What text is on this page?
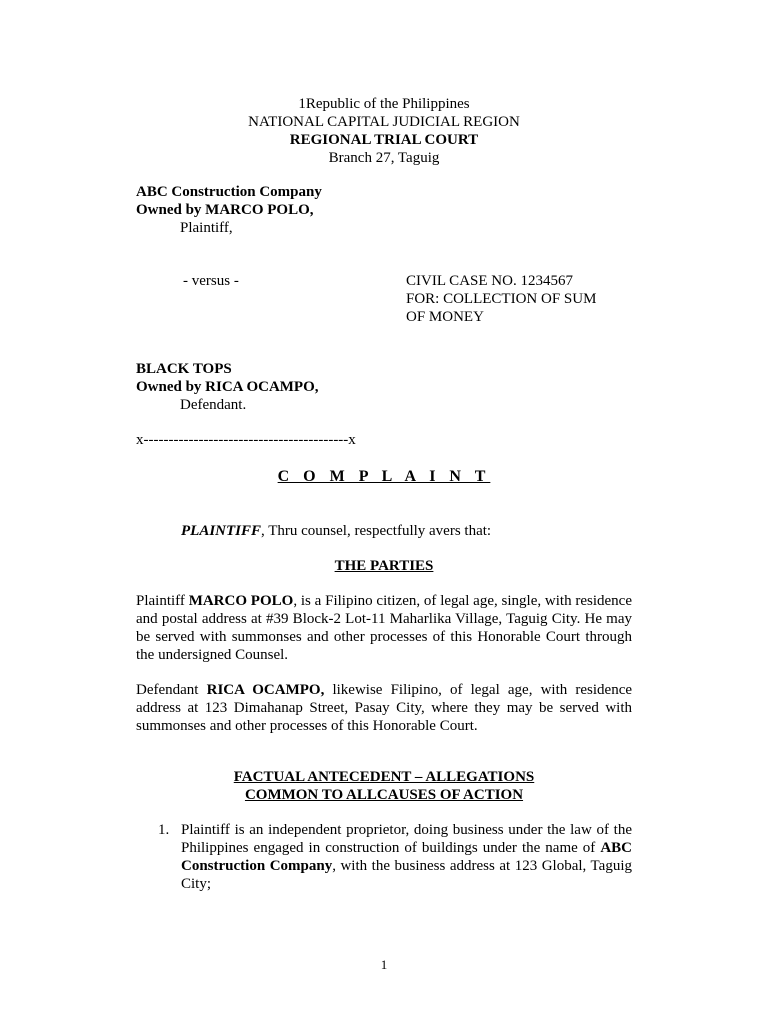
1Republic of the Philippines
NATIONAL CAPITAL JUDICIAL REGION
REGIONAL TRIAL COURT
Branch 27, Taguig
ABC Construction Company
Owned by MARCO POLO,
Plaintiff,
- versus -	CIVIL CASE NO. 1234567
FOR: COLLECTION OF SUM
OF MONEY
BLACK TOPS
Owned by RICA OCAMPO,
Defendant.
x-----------------------------------------x
C O M P L A I N T
PLAINTIFF, Thru counsel, respectfully avers that:
THE PARTIES
Plaintiff MARCO POLO, is a Filipino citizen, of legal age, single, with residence and postal address at #39 Block-2 Lot-11 Maharlika Village, Taguig City. He may be served with summonses and other processes of this Honorable Court through the undersigned Counsel.
Defendant RICA OCAMPO, likewise Filipino, of legal age, with residence address at 123 Dimahanap Street, Pasay City, where they may be served with summonses and other processes of this Honorable Court.
FACTUAL ANTECEDENT – ALLEGATIONS
COMMON TO ALLCAUSES OF ACTION
1. Plaintiff is an independent proprietor, doing business under the law of the Philippines engaged in construction of buildings under the name of ABC Construction Company, with the business address at 123 Global, Taguig City;
1
